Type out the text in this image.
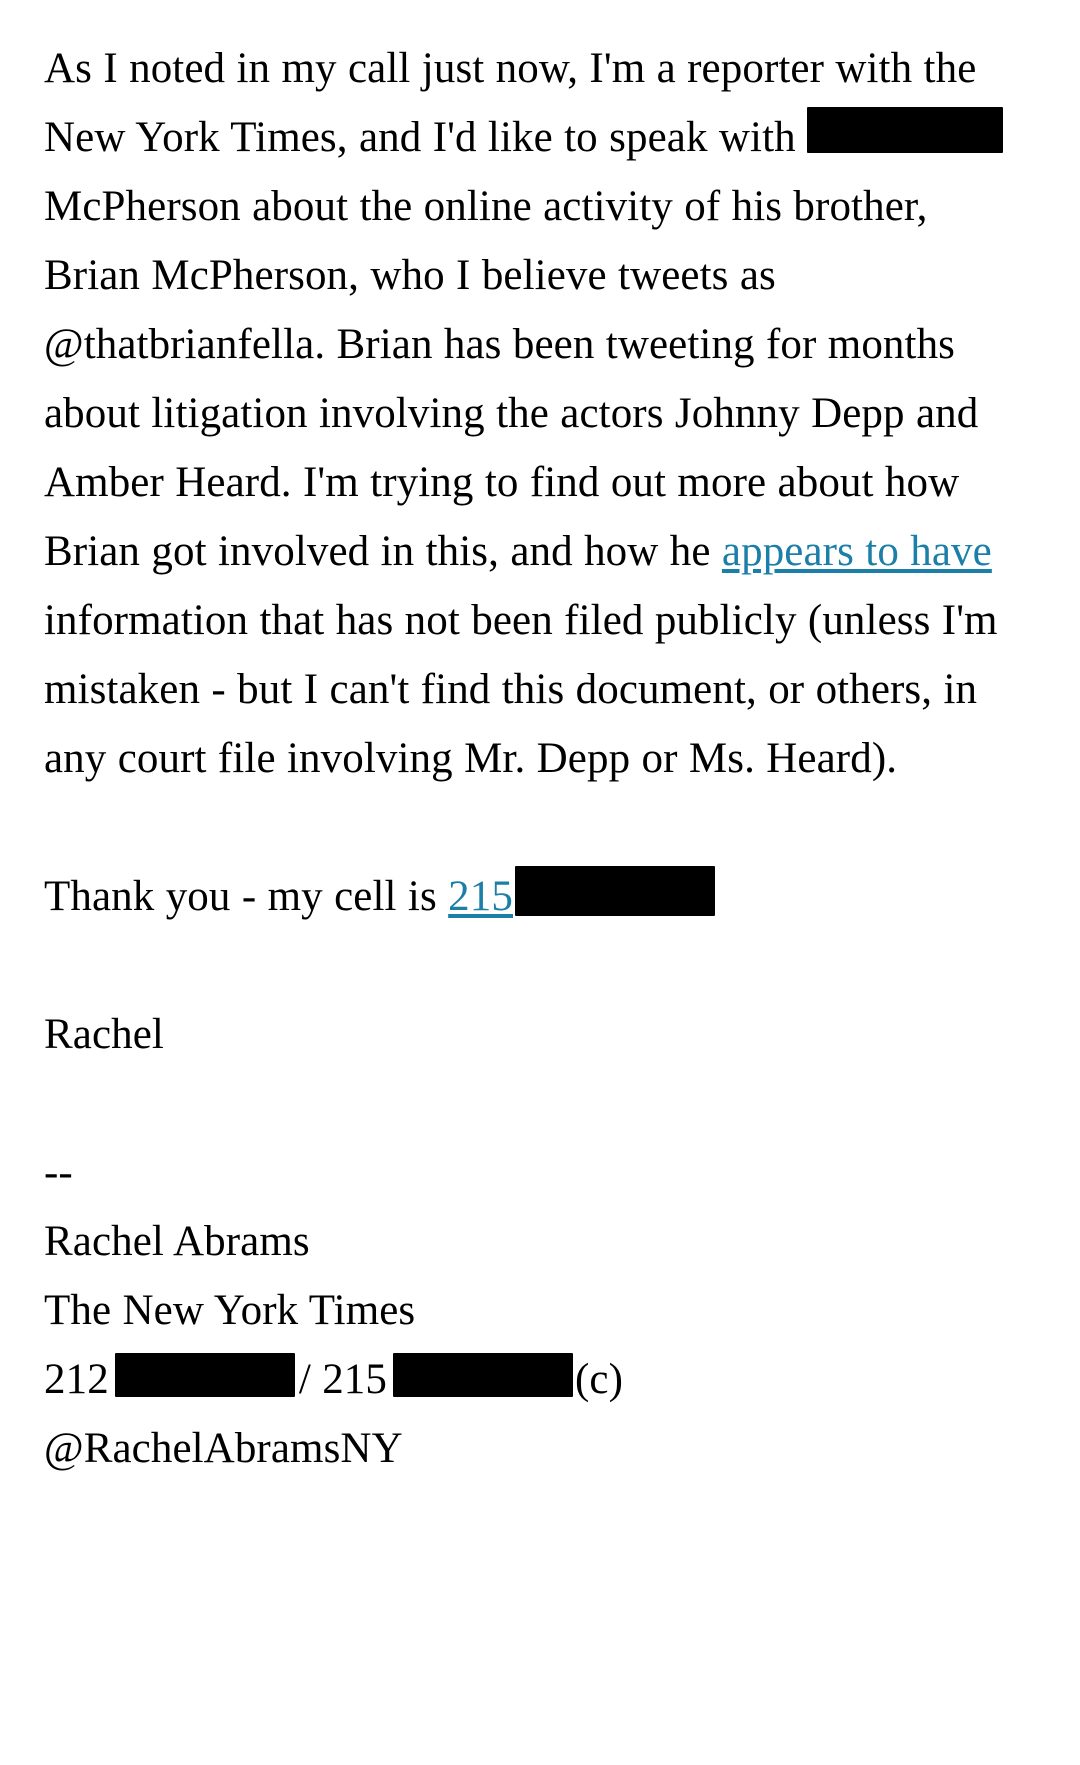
As I noted in my call just now, I'm a reporter with the New York Times, and I'd like to speak with McPherson about the online activity of his brother, Brian McPherson, who I believe tweets as @thatbrianfella. Brian has been tweeting for months about litigation involving the actors Johnny Depp and Amber Heard. I'm trying to find out more about how Brian got involved in this, and how he appears to have information that has not been filed publicly (unless I'm mistaken - but I can't find this document, or others, in any court file involving Mr. Depp or Ms. Heard).

Thank you - my cell is 215

Rachel

--
Rachel Abrams
The New York Times
212	/ 215	(c)
@RachelAbramsNY
